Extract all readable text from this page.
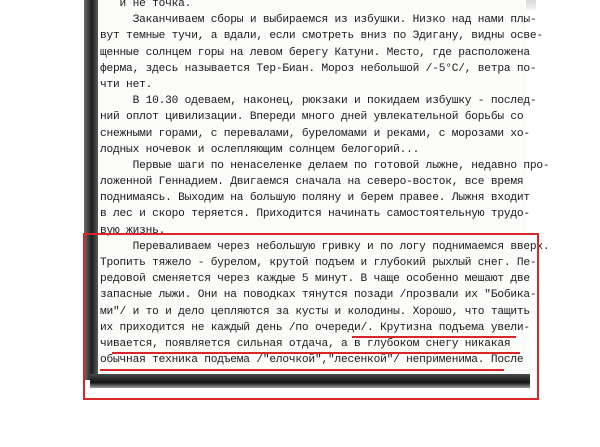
и не точка.
Заканчиваем сборы и выбираемся из избушки. Низко над нами плы-
вут темные тучи, а вдали, если смотреть вниз по Эдигану, видны осве-
щенные солнцем горы на левом берегу Катуни. Место, где расположена
ферма, здесь называется Тер-Биан. Мороз небольшой /-5°С/, ветра по-
чти нет.
В 10.30 одеваем, наконец, рюкзаки и покидаем избушку - послед-
ний оплот цивилизации. Впереди много дней увлекательной борьбы со
снежными горами, с перевалами, буреломами и реками, с морозами хо-
лодных ночевок и ослепляющим солнцем белогорий...
Первые шаги по ненаселенке делаем по готовой лыжне, недавно про-
ложенной Геннадием. Двигаемся сначала на северо-восток, все время
поднимаясь. Выходим на большую поляну и берем правее. Лыжня входит
в лес и скоро теряется. Приходится начинать самостоятельную трудо-
вую жизнь.
Переваливаем через небольшую гривку и по логу поднимаемся вверх.
Тропить тяжело - бурелом, крутой подъем и глубокий рыхлый снег. Пе-
редовой сменяется через каждые 5 минут. В чаще особенно мешают две
запасные лыжи. Они на поводках тянутся позади /прозвали их "Бобика-
ми"/ и то и дело цепляются за кусты и колодины. Хорошо, что тащить
их приходится не каждый день /по очереди/. Крутизна подъема увели-
чивается, появляется сильная отдача, а в глубоком снегу никакая
обычная техника подъема /"елочкой","лесенкой"/ неприменима. После
